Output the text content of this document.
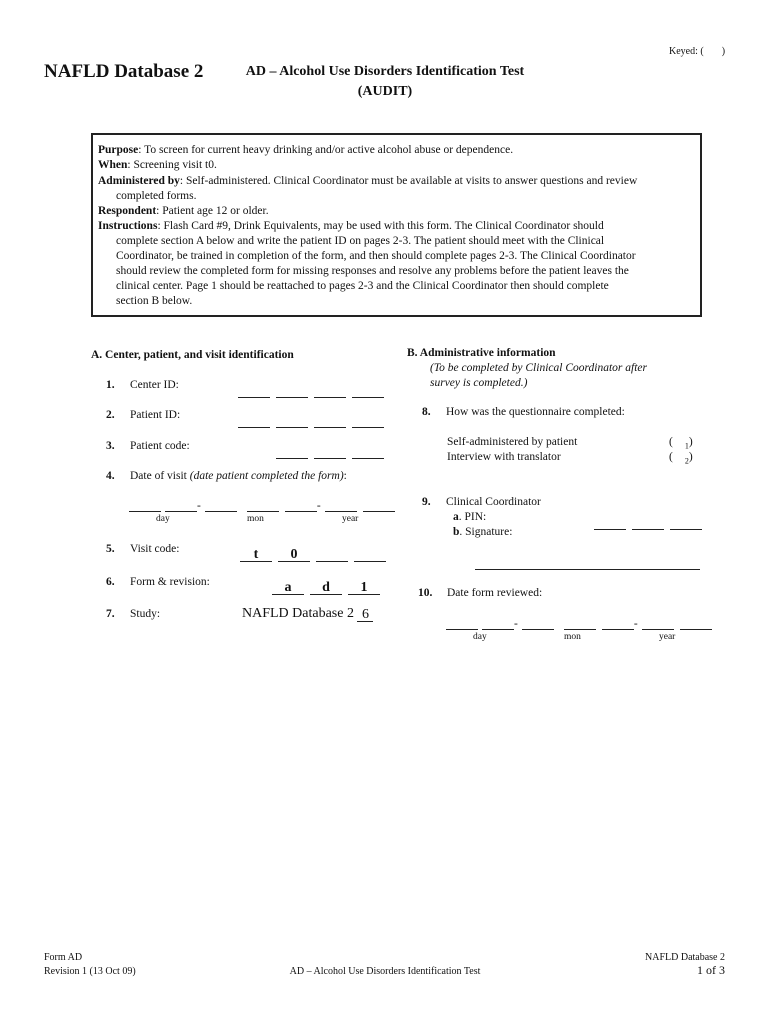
Keyed: ( )
NAFLD Database 2	AD – Alcohol Use Disorders Identification Test
(AUDIT)
Purpose: To screen for current heavy drinking and/or active alcohol abuse or dependence.
When: Screening visit t0.
Administered by: Self-administered. Clinical Coordinator must be available at visits to answer questions and review
completed forms.
Respondent: Patient age 12 or older.
Instructions: Flash Card #9, Drink Equivalents, may be used with this form. The Clinical Coordinator should
complete section A below and write the patient ID on pages 2-3. The patient should meet with the Clinical
Coordinator, be trained in completion of the form, and then should complete pages 2-3. The Clinical Coordinator
should review the completed form for missing responses and resolve any problems before the patient leaves the
clinical center. Page 1 should be reattached to pages 2-3 and the Clinical Coordinator then should complete
section B below.
A. Center, patient, and visit identification
1. Center ID:
2. Patient ID:
3. Patient code:
4. Date of visit (date patient completed the form):
-	-
day	mon	year
5. Visit code:	t 0
6. Form & revision:	a d 1
7. Study:	NAFLD Database 2 6
B. Administrative information
(To be completed by Clinical Coordinator after
survey is completed.)
8. How was the questionnaire completed:
Self-administered by patient	( $_1$)
Interview with translator	( $_2$)
9. Clinical Coordinator
a. PIN:
b. Signature:
10. Date form reviewed:
-	-
day	mon	year
Form AD
Revision 1 (13 Oct 09)	AD – Alcohol Use Disorders Identification Test
NAFLD Database 2
1 of 3
